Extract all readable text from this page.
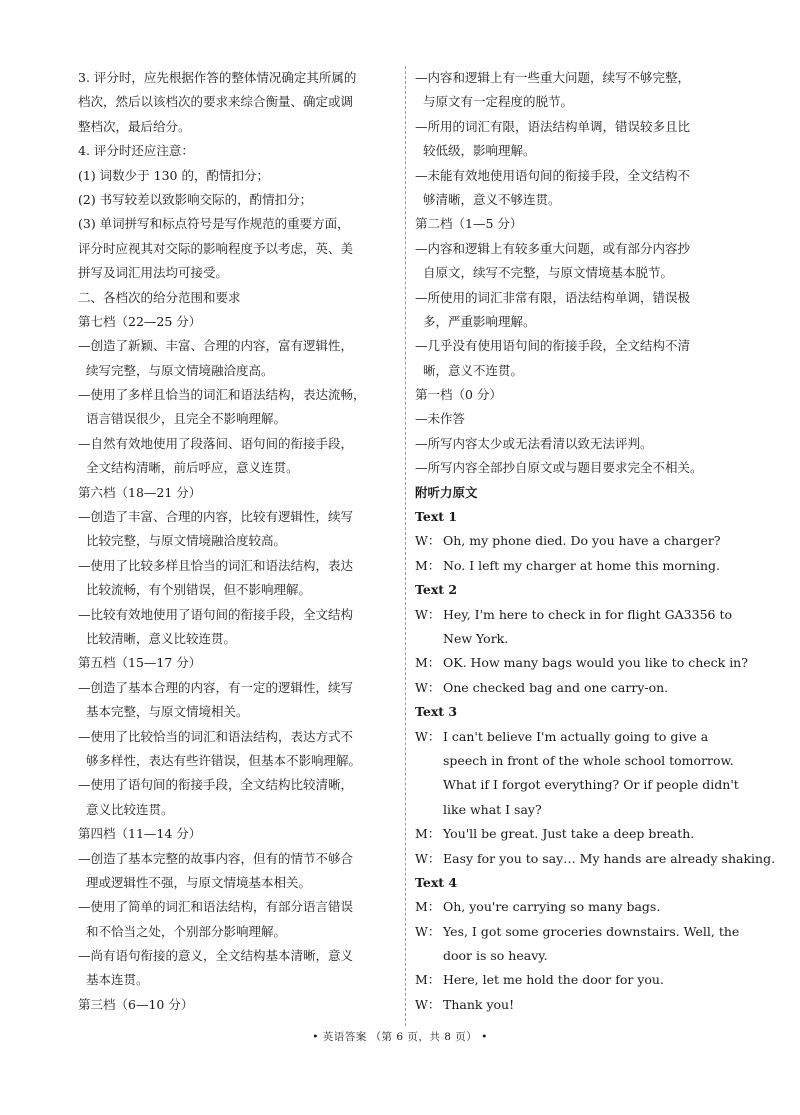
3. 评分时，应先根据作答的整体情况确定其所属的
档次，然后以该档次的要求来综合衡量、确定或调
整档次，最后给分。
4. 评分时还应注意：
(1) 词数少于 130 的，酌情扣分；
(2) 书写较差以致影响交际的，酌情扣分；
(3) 单词拼写和标点符号是写作规范的重要方面，
评分时应视其对交际的影响程度予以考虑，英、美
拼写及词汇用法均可接受。
二、各档次的给分范围和要求
第七档（22—25 分）
—创造了新颖、丰富、合理的内容，富有逻辑性，
续写完整，与原文情境融洽度高。
—使用了多样且恰当的词汇和语法结构，表达流畅，
语言错误很少，且完全不影响理解。
—自然有效地使用了段落间、语句间的衔接手段，
全文结构清晰，前后呼应，意义连贯。
第六档（18—21 分）
—创造了丰富、合理的内容，比较有逻辑性，续写
比较完整，与原文情境融洽度较高。
—使用了比较多样且恰当的词汇和语法结构，表达
比较流畅，有个别错误，但不影响理解。
—比较有效地使用了语句间的衔接手段，全文结构
比较清晰，意义比较连贯。
第五档（15—17 分）
—创造了基本合理的内容，有一定的逻辑性，续写
基本完整，与原文情境相关。
—使用了比较恰当的词汇和语法结构，表达方式不
够多样性，表达有些许错误，但基本不影响理解。
—使用了语句间的衔接手段，全文结构比较清晰，
意义比较连贯。
第四档（11—14 分）
—创造了基本完整的故事内容，但有的情节不够合
理或逻辑性不强，与原文情境基本相关。
—使用了简单的词汇和语法结构，有部分语言错误
和不恰当之处，个别部分影响理解。
—尚有语句衔接的意义，全文结构基本清晰，意义
基本连贯。
第三档（6—10 分）
—内容和逻辑上有一些重大问题，续写不够完整，
与原文有一定程度的脱节。
—所用的词汇有限，语法结构单调，错误较多且比
较低级，影响理解。
—未能有效地使用语句间的衔接手段，全文结构不
够清晰，意义不够连贯。
第二档（1—5 分）
—内容和逻辑上有较多重大问题，或有部分内容抄
自原文，续写不完整，与原文情境基本脱节。
—所使用的词汇非常有限，语法结构单调，错误极
多，严重影响理解。
—几乎没有使用语句间的衔接手段，全文结构不清
晰，意义不连贯。
第一档（0 分）
—未作答
—所写内容太少或无法看清以致无法评判。
—所写内容全部抄自原文或与题目要求完全不相关。
附听力原文
Text 1
W： Oh, my phone died. Do you have a charger?
M： No. I left my charger at home this morning.
Text 2
W： Hey, I'm here to check in for flight GA3356 to
New York.
M： OK. How many bags would you like to check in?
W： One checked bag and one carry-on.
Text 3
W： I can't believe I'm actually going to give a
speech in front of the whole school tomorrow.
What if I forgot everything? Or if people didn't
like what I say?
M： You'll be great. Just take a deep breath.
W： Easy for you to say… My hands are already shaking.
Text 4
M： Oh, you're carrying so many bags.
W： Yes, I got some groceries downstairs. Well, the
door is so heavy.
M： Here, let me hold the door for you.
W： Thank you!
• 英语答案 （第 6 页，共 8 页） •
